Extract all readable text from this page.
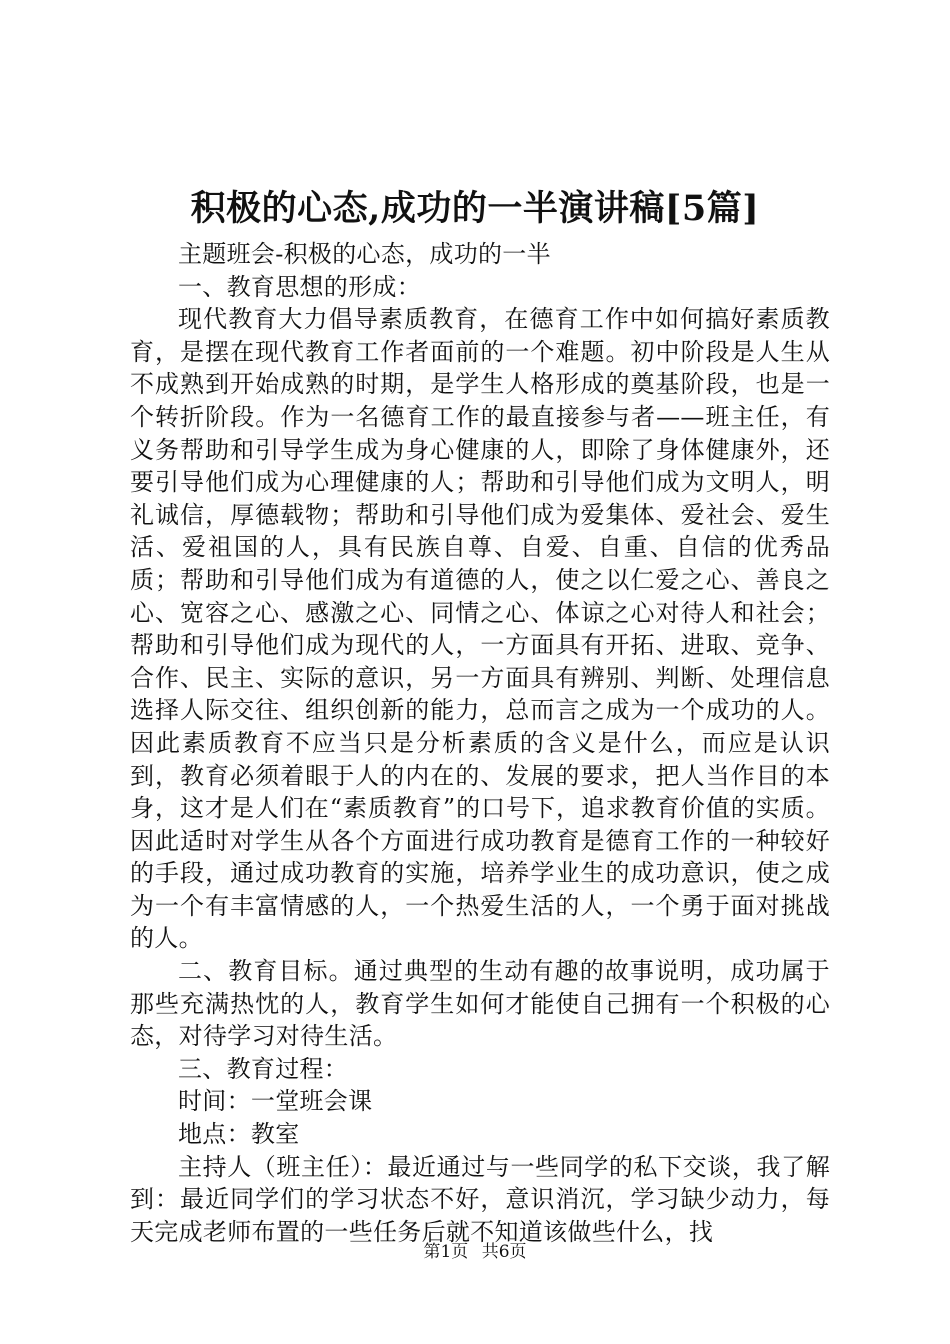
积极的心态,成功的一半演讲稿[5篇]

主题班会-积极的心态，成功的一半

一、教育思想的形成：

现代教育大力倡导素质教育，在德育工作中如何搞好素质教育，是摆在现代教育工作者面前的一个难题。初中阶段是人生从不成熟到开始成熟的时期，是学生人格形成的奠基阶段，也是一个转折阶段。作为一名德育工作的最直接参与者——班主任，有义务帮助和引导学生成为身心健康的人，即除了身体健康外，还要引导他们成为心理健康的人；帮助和引导他们成为文明人，明礼诚信，厚德载物；帮助和引导他们成为爱集体、爱社会、爱生活、爱祖国的人，具有民族自尊、自爱、自重、自信的优秀品质；帮助和引导他们成为有道德的人，使之以仁爱之心、善良之心、宽容之心、感激之心、同情之心、体谅之心对待人和社会；帮助和引导他们成为现代的人，一方面具有开拓、进取、竞争、合作、民主、实际的意识，另一方面具有辨别、判断、处理信息选择人际交往、组织创新的能力，总而言之成为一个成功的人。因此素质教育不应当只是分析素质的含义是什么，而应是认识到，教育必须着眼于人的内在的、发展的要求，把人当作目的本身，这才是人们在“素质教育”的口号下，追求教育价值的实质。因此适时对学生从各个方面进行成功教育是德育工作的一种较好的手段，通过成功教育的实施，培养学业生的成功意识，使之成为一个有丰富情感的人，一个热爱生活的人，一个勇于面对挑战的人。

二、教育目标。通过典型的生动有趣的故事说明，成功属于那些充满热忱的人，教育学生如何才能使自己拥有一个积极的心态，对待学习对待生活。

三、教育过程：

时间：一堂班会课

地点：教室

主持人（班主任）：最近通过与一些同学的私下交谈，我了解到：最近同学们的学习状态不好，意识消沉，学习缺少动力，每天完成老师布置的一些任务后就不知道该做些什么，找

第1页 共6页
